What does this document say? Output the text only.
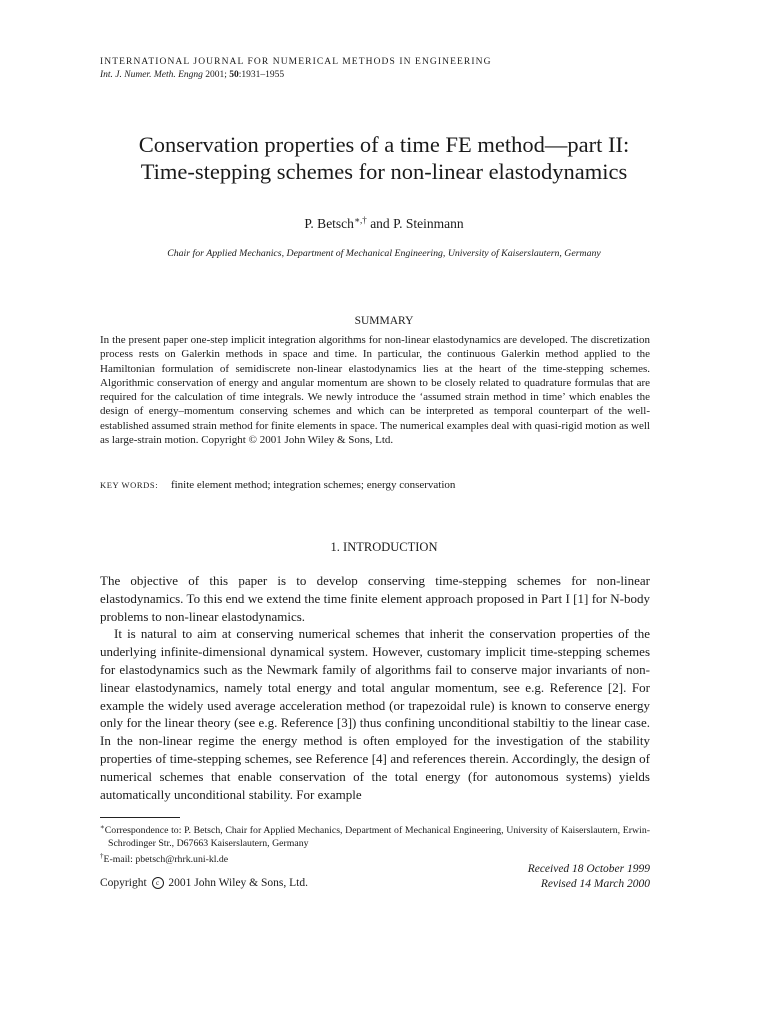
INTERNATIONAL JOURNAL FOR NUMERICAL METHODS IN ENGINEERING
Int. J. Numer. Meth. Engng 2001; 50:1931–1955
Conservation properties of a time FE method—part II:
Time-stepping schemes for non-linear elastodynamics
P. Betsch∗,† and P. Steinmann
Chair for Applied Mechanics, Department of Mechanical Engineering, University of Kaiserslautern, Germany
SUMMARY
In the present paper one-step implicit integration algorithms for non-linear elastodynamics are developed. The discretization process rests on Galerkin methods in space and time. In particular, the continuous Galerkin method applied to the Hamiltonian formulation of semidiscrete non-linear elastodynamics lies at the heart of the time-stepping schemes. Algorithmic conservation of energy and angular momentum are shown to be closely related to quadrature formulas that are required for the calculation of time integrals. We newly introduce the ‘assumed strain method in time’ which enables the design of energy–momentum conserving schemes and which can be interpreted as temporal counterpart of the well-established assumed strain method for finite elements in space. The numerical examples deal with quasi-rigid motion as well as large-strain motion. Copyright © 2001 John Wiley & Sons, Ltd.
KEY WORDS: finite element method; integration schemes; energy conservation
1. INTRODUCTION

The objective of this paper is to develop conserving time-stepping schemes for non-linear elastodynamics. To this end we extend the time finite element approach proposed in Part I [1] for N-body problems to non-linear elastodynamics.

It is natural to aim at conserving numerical schemes that inherit the conservation properties of the underlying infinite-dimensional dynamical system. However, customary implicit time-stepping schemes for elastodynamics such as the Newmark family of algorithms fail to conserve major invariants of non-linear elastodynamics, namely total energy and total angular momentum, see e.g. Reference [2]. For example the widely used average acceleration method (or trapezoidal rule) is known to conserve energy only for the linear theory (see e.g. Reference [3]) thus confining unconditional stabiltiy to the linear case. In the non-linear regime the energy method is often employed for the investigation of the stability properties of time-stepping schemes, see Reference [4] and references therein. Accordingly, the design of numerical schemes that enable conservation of the total energy (for autonomous systems) yields automatically unconditional stability. For example

∗Correspondence to: P. Betsch, Chair for Applied Mechanics, Department of Mechanical Engineering, University of Kaiserslautern, Erwin-Schrodinger Str., D67663 Kaiserslautern, Germany

†E-mail: pbetsch@rhrk.uni-kl.de

Received 18 October 1999
Revised 14 March 2000
Copyright c 2001 John Wiley & Sons, Ltd.
